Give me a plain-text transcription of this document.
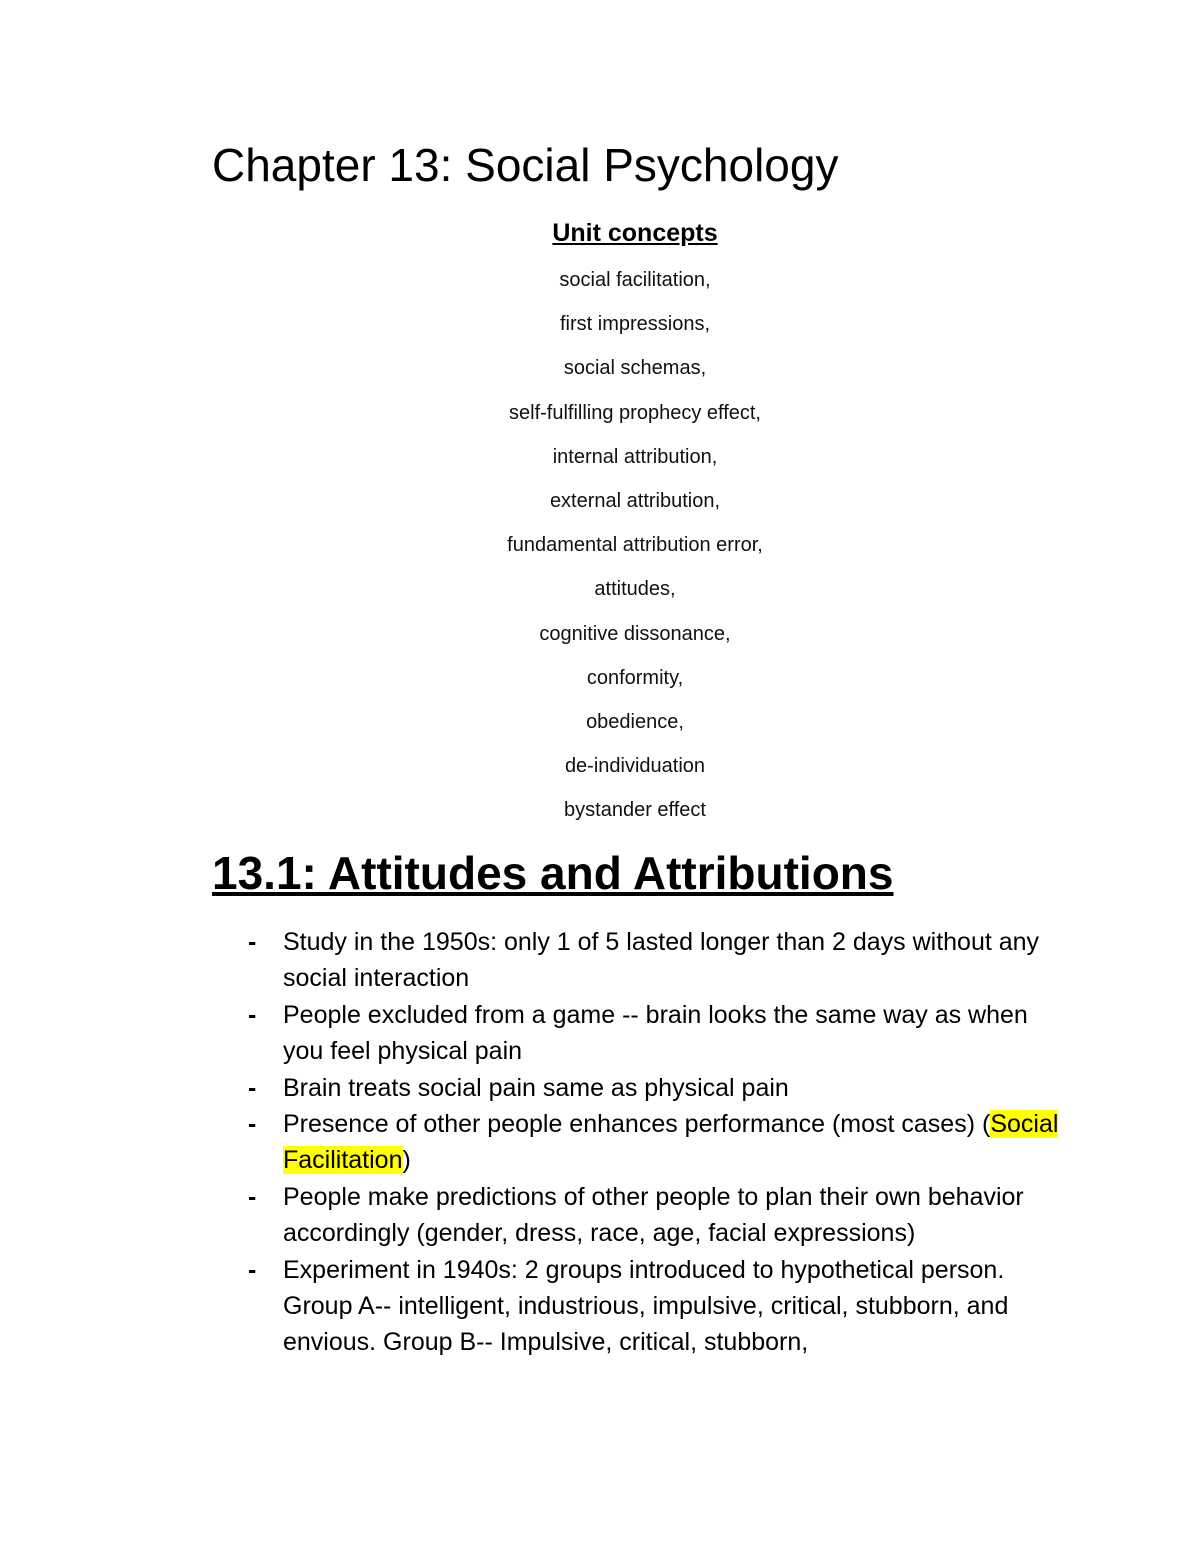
Chapter 13: Social Psychology
Unit concepts
social facilitation,
first impressions,
social schemas,
self-fulfilling prophecy effect,
internal attribution,
external attribution,
fundamental attribution error,
attitudes,
cognitive dissonance,
conformity,
obedience,
de-individuation
bystander effect
13.1: Attitudes and Attributions
- Study in the 1950s: only 1 of 5 lasted longer than 2 days without any social interaction
- People excluded from a game -- brain looks the same way as when you feel physical pain
- Brain treats social pain same as physical pain
- Presence of other people enhances performance (most cases) (Social Facilitation)
- People make predictions of other people to plan their own behavior accordingly (gender, dress, race, age, facial expressions)
- Experiment in 1940s: 2 groups introduced to hypothetical person. Group A-- intelligent, industrious, impulsive, critical, stubborn, and envious. Group B-- Impulsive, critical, stubborn,
